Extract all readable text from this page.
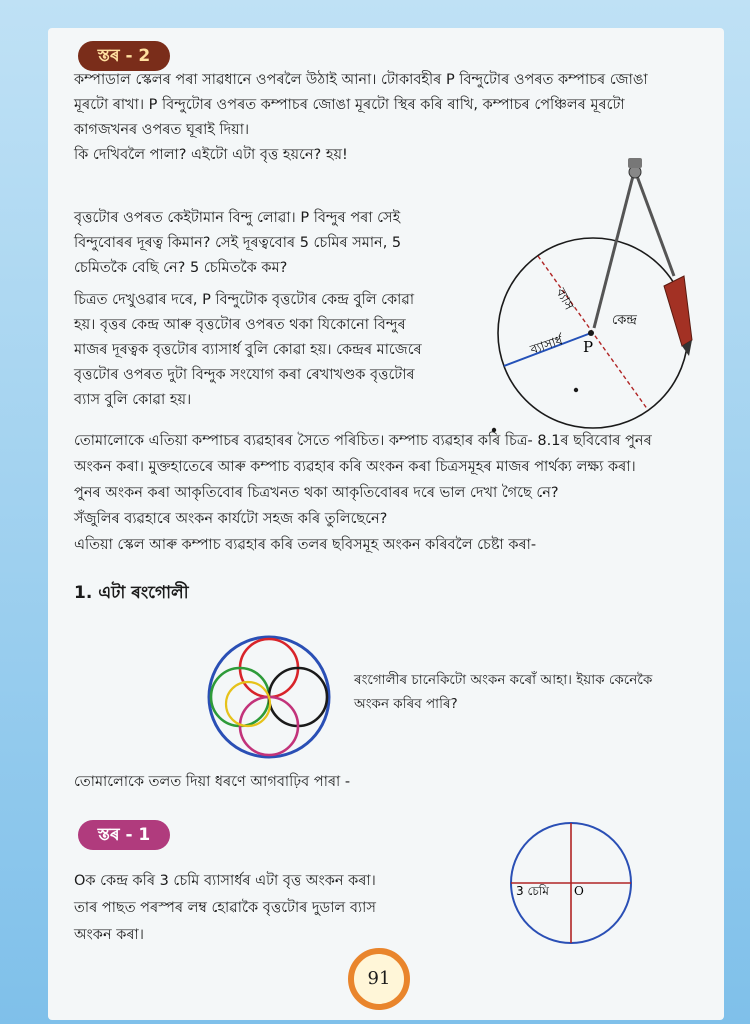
স্তৰ - 2

কম্পাডাল স্কেলৰ পৰা সাৱধানে ওপৰলৈ উঠাই আনা। টোকাবহীৰ P বিন্দুটোৰ ওপৰত কম্পাচৰ জোঙা
মূৰটো ৰাখা। P বিন্দুটোৰ ওপৰত কম্পাচৰ জোঙা মূৰটো স্থিৰ কৰি ৰাখি, কম্পাচৰ পেঞ্চিলৰ মূৰটো
কাগজখনৰ ওপৰত ঘূৰাই দিয়া।
কি দেখিবলৈ পালা? এইটো এটা বৃত্ত হয়নে? হয়!

বৃত্তটোৰ ওপৰত কেইটামান বিন্দু লোৱা। P বিন্দুৰ পৰা সেই
বিন্দুবোৰৰ দূৰত্ব কিমান? সেই দূৰত্ববোৰ 5 চেমিৰ সমান, 5
চেমিতকৈ বেছি নে? 5 চেমিতকৈ কম?

চিত্ৰত দেখুওৱাৰ দৰে, P বিন্দুটোক বৃত্তটোৰ কেন্দ্ৰ বুলি কোৱা
হয়। বৃত্তৰ কেন্দ্ৰ আৰু বৃত্তটোৰ ওপৰত থকা যিকোনো বিন্দুৰ
মাজৰ দূৰত্বক বৃত্তটোৰ ব্যাসাৰ্ধ বুলি কোৱা হয়। কেন্দ্ৰৰ মাজেৰে
বৃত্তটোৰ ওপৰত দুটা বিন্দুক সংযোগ কৰা ৰেখাখণ্ডক বৃত্তটোৰ
ব্যাস বুলি কোৱা হয়।

ব্যাস
ব্যাসাৰ্ধ
কেন্দ্ৰ
P

তোমালোকে এতিয়া কম্পাচৰ ব্যৱহাৰৰ সৈতে পৰিচিত। কম্পাচ ব্যৱহাৰ কৰি চিত্ৰ- 8.1ৰ ছবিবোৰ পুনৰ
অংকন কৰা। মুক্তহাতেৰে আৰু কম্পাচ ব্যৱহাৰ কৰি অংকন কৰা চিত্ৰসমূহৰ মাজৰ পাৰ্থক্য লক্ষ্য কৰা।
পুনৰ অংকন কৰা আকৃতিবোৰ চিত্ৰখনত থকা আকৃতিবোৰৰ দৰে ভাল দেখা গৈছে নে?
সঁজুলিৰ ব্যৱহাৰে অংকন কাৰ্যটো সহজ কৰি তুলিছেনে?
এতিয়া স্কেল আৰু কম্পাচ ব্যৱহাৰ কৰি তলৰ ছবিসমূহ অংকন কৰিবলৈ চেষ্টা কৰা-

1. এটা ৰংগোলী

ৰংগোলীৰ চানেকিটো অংকন কৰোঁ আহা। ইয়াক কেনেকৈ
অংকন কৰিব পাৰি?

তোমালোকে তলত দিয়া ধৰণে আগবাঢ়িব পাৰা -

স্তৰ - 1

Oক কেন্দ্ৰ কৰি 3 চেমি ব্যাসাৰ্ধৰ এটা বৃত্ত অংকন কৰা।
তাৰ পাছত পৰস্পৰ লম্ব হোৱাকৈ বৃত্তটোৰ দুডাল ব্যাস
অংকন কৰা।

3 চেমি O
91
